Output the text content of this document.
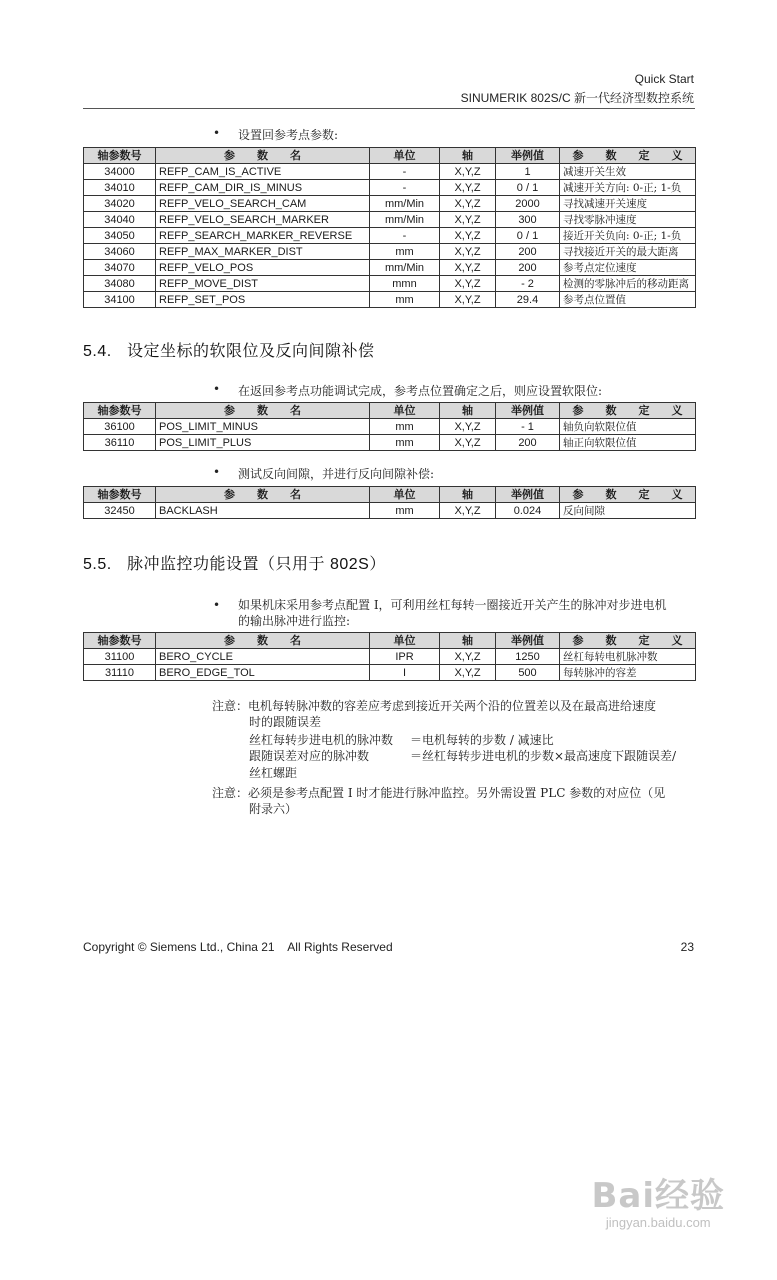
Quick Start
SINUMERIK 802S/C 新一代经济型数控系统
• 设置回参考点参数:
轴参数号	参　　数　　名	单位	轴	举例值	参　　数　　定　　义
34000	REFP_CAM_IS_ACTIVE	-	X,Y,Z	1	减速开关生效
34010	REFP_CAM_DIR_IS_MINUS	-	X,Y,Z	0 / 1	减速开关方向: 0-正; 1-负
34020	REFP_VELO_SEARCH_CAM	mm/Min	X,Y,Z	2000	寻找减速开关速度
34040	REFP_VELO_SEARCH_MARKER	mm/Min	X,Y,Z	300	寻找零脉冲速度
34050	REFP_SEARCH_MARKER_REVERSE	-	X,Y,Z	0 / 1	接近开关负向: 0-正; 1-负
34060	REFP_MAX_MARKER_DIST	mm	X,Y,Z	200	寻找接近开关的最大距离
34070	REFP_VELO_POS	mm/Min	X,Y,Z	200	参考点定位速度
34080	REFP_MOVE_DIST	mmn	X,Y,Z	- 2	检测的零脉冲后的移动距离
34100	REFP_SET_POS	mm	X,Y,Z	29.4	参考点位置值
5.4. 设定坐标的软限位及反向间隙补偿
• 在返回参考点功能调试完成，参考点位置确定之后，则应设置软限位:
轴参数号	参　　数　　名	单位	轴	举例值	参　　数　　定　　义
36100	POS_LIMIT_MINUS	mm	X,Y,Z	- 1	轴负向软限位值
36110	POS_LIMIT_PLUS	mm	X,Y,Z	200	轴正向软限位值
• 测试反向间隙，并进行反向间隙补偿:
轴参数号	参　　数　　名	单位	轴	举例值	参　　数　　定　　义
32450	BACKLASH	mm	X,Y,Z	0.024	反向间隙
5.5. 脉冲监控功能设置（只用于 802S）
• 如果机床采用参考点配置 I，可利用丝杠每转一圈接近开关产生的脉冲对步进电机
的输出脉冲进行监控:
轴参数号	参　　数　　名	单位	轴	举例值	参　　数　　定　　义
31100	BERO_CYCLE	IPR	X,Y,Z	1250	丝杠每转电机脉冲数
31110	BERO_EDGE_TOL	I	X,Y,Z	500	每转脉冲的容差
注意：电机每转脉冲数的容差应考虑到接近开关两个沿的位置差以及在最高进给速度
时的跟随误差
丝杠每转步进电机的脉冲数 ＝电机每转的步数 / 减速比
跟随误差对应的脉冲数	＝丝杠每转步进电机的步数×最高速度下跟随误差/
丝杠螺距
注意：必须是参考点配置 I 时才能进行脉冲监控。另外需设置 PLC 参数的对应位（见
附录六）
Copyright © Siemens Ltd., China 21    All Rights Reserved	23
Bai经验
jingyan.baidu.com
